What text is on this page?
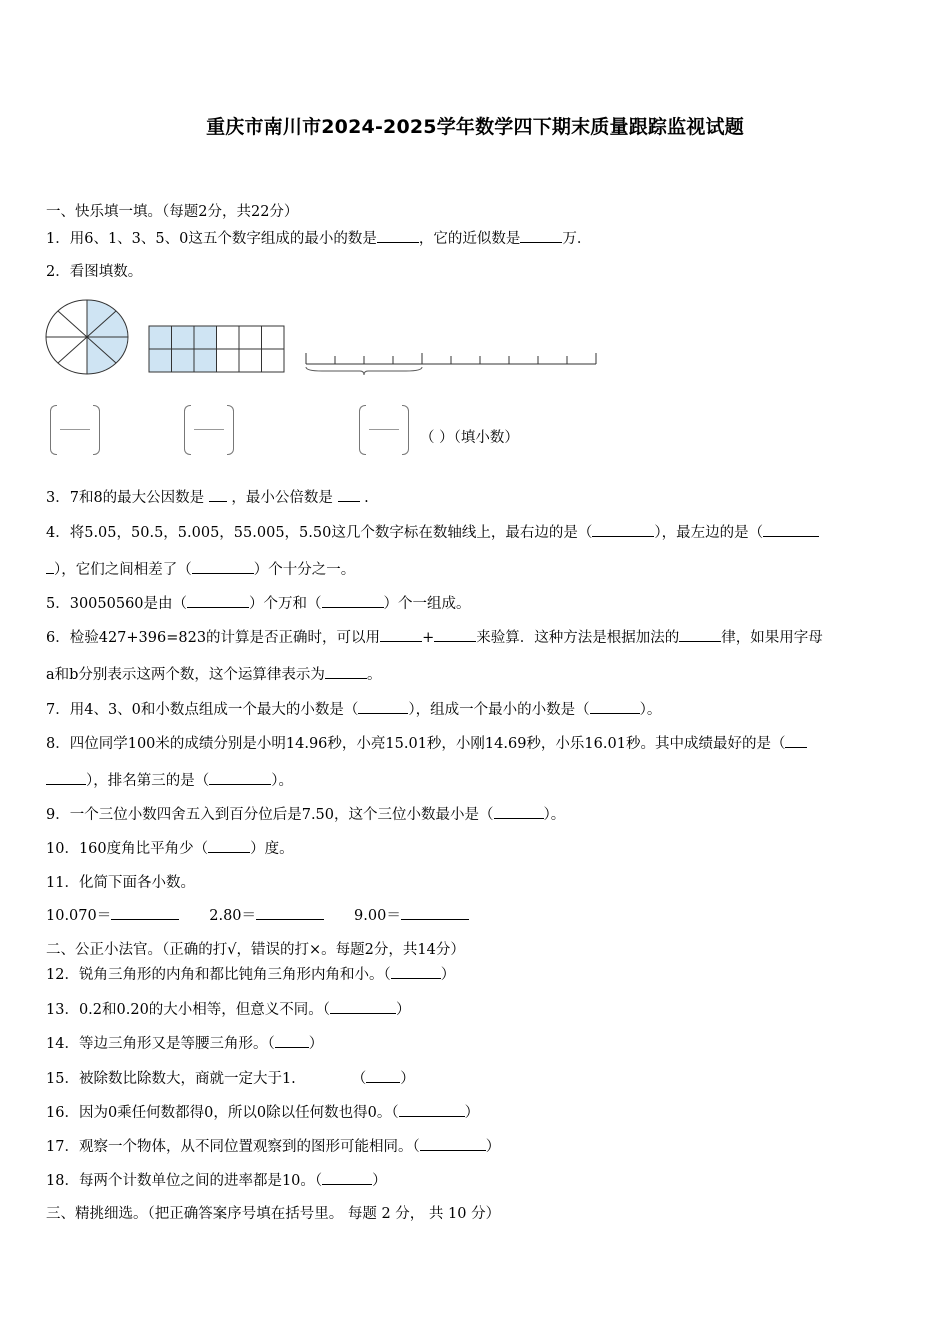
重庆市南川市2024-2025学年数学四下期末质量跟踪监视试题
一、快乐填一填。（每题2分，共22分）
1．用6、1、3、5、0这五个数字组成的最小的数是	，它的近似数是	万．
2．看图填数。
（ ）（填小数）
3．7和8的最大公因数是 ，最小公倍数是 .
4．将5.05，50.5，5.005，55.005，5.50这几个数字标在数轴线上，最右边的是（	），最左边的是（
），它们之间相差了（	）个十分之一。
5．30050560是由（	）个万和（	）个一组成。
6．检验427+396=823的计算是否正确时，可以用	+	来验算．这种方法是根据加法的	律，如果用字母
a和b分别表示这两个数，这个运算律表示为	。
7．用4、3、0和小数点组成一个最大的小数是（	），组成一个最小的小数是（	）。
8．四位同学100米的成绩分别是小明14.96秒，小亮15.01秒，小刚14.69秒，小乐16.01秒。其中成绩最好的是（
），排名第三的是（	）。
9．一个三位小数四舍五入到百分位后是7.50，这个三位小数最小是（	）。
10．160度角比平角少（	）度。
11．化简下面各小数。
10.070＝	2.80＝	9.00＝
二、公正小法官。（正确的打√，错误的打×。每题2分，共14分）
12．锐角三角形的内角和都比钝角三角形内角和小。（	）
13．0.2和0.20的大小相等，但意义不同。（	）
14．等边三角形又是等腰三角形。（ ）
15．被除数比除数大，商就一定大于1.	（ ）
16．因为0乘任何数都得0，所以0除以任何数也得0。（	）
17．观察一个物体，从不同位置观察到的图形可能相同。（	）
18．每两个计数单位之间的进率都是10。（	）
三、精挑细选。（把正确答案序号填在括号里。 每题 2 分， 共 10 分）
